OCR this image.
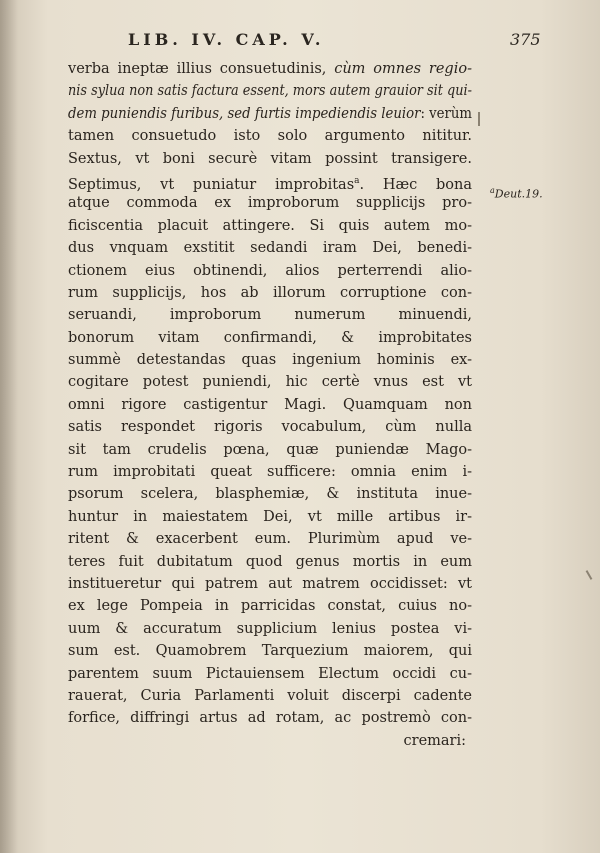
LIB. IV. CAP. V.	375
verba ineptæ illius consuetudinis, cùm omnes regio-
nis sylua non satis factura essent, mors autem grauior sit qui-
dem puniendis furibus, sed furtis impediendis leuior: verùm
tamen consuetudo isto solo argumento nititur.
Sextus, vt boni securè vitam possint transigere.
Septimus, vt puniatur improbitas$^a$. Hæc bona
atque commoda ex improborum supplicijs pro-
ficiscentia placuit attingere. Si quis autem mo-
dus vnquam exstitit sedandi iram Dei, benedi-
ctionem eius obtinendi, alios perterrendi alio-
rum supplicijs, hos ab illorum corruptione con-
seruandi, improborum numerum minuendi,
bonorum vitam confirmandi, & improbitates
summè detestandas quas ingenium hominis ex-
cogitare potest puniendi, hic certè vnus est vt
omni rigore castigentur Magi. Quamquam non
satis respondet rigoris vocabulum, cùm nulla
sit tam crudelis pœna, quæ puniendæ Mago-
rum improbitati queat sufficere: omnia enim i-
psorum scelera, blasphemiæ, & instituta inue-
huntur in maiestatem Dei, vt mille artibus ir-
ritent & exacerbent eum. Plurimùm apud ve-
teres fuit dubitatum quod genus mortis in eum
institueretur qui patrem aut matrem occidisset: vt
ex lege Pompeia in parricidas constat, cuius no-
uum & accuratum supplicium lenius postea vi-
sum est. Quamobrem Tarquezium maiorem, qui
parentem suum Pictauiensem Electum occidi cu-
rauerat, Curia Parlamenti voluit discerpi cadente
forfice, diffringi artus ad rotam, ac postremò con-
cremari:
$^a$Deut.19.
